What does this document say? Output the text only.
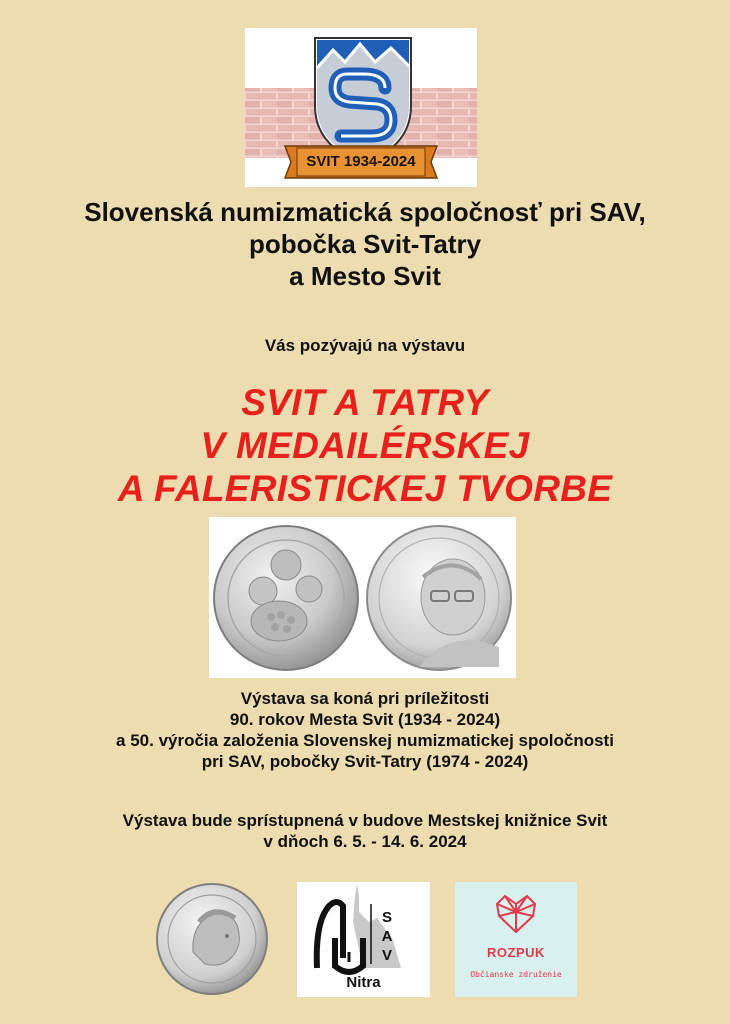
SVIT 1934-2024
Slovenská numizmatická spoločnosť pri SAV,
pobočka Svit-Tatry
a Mesto Svit
Vás pozývajú na výstavu
SVIT A TATRY
V MEDAILÉRSKEJ
A FALERISTICKEJ TVORBE
Výstava sa koná pri príležitosti
90. rokov Mesta Svit (1934 - 2024)
a 50. výročia založenia Slovenskej numizmatickej spoločnosti
pri SAV, pobočky Svit-Tatry (1974 - 2024)
Výstava bude sprístupnená v budove Mestskej knižnice Svit
v dňoch 6. 5. - 14. 6. 2024
S
A
V
Nitra
ROZPUK
Občianske združenie
